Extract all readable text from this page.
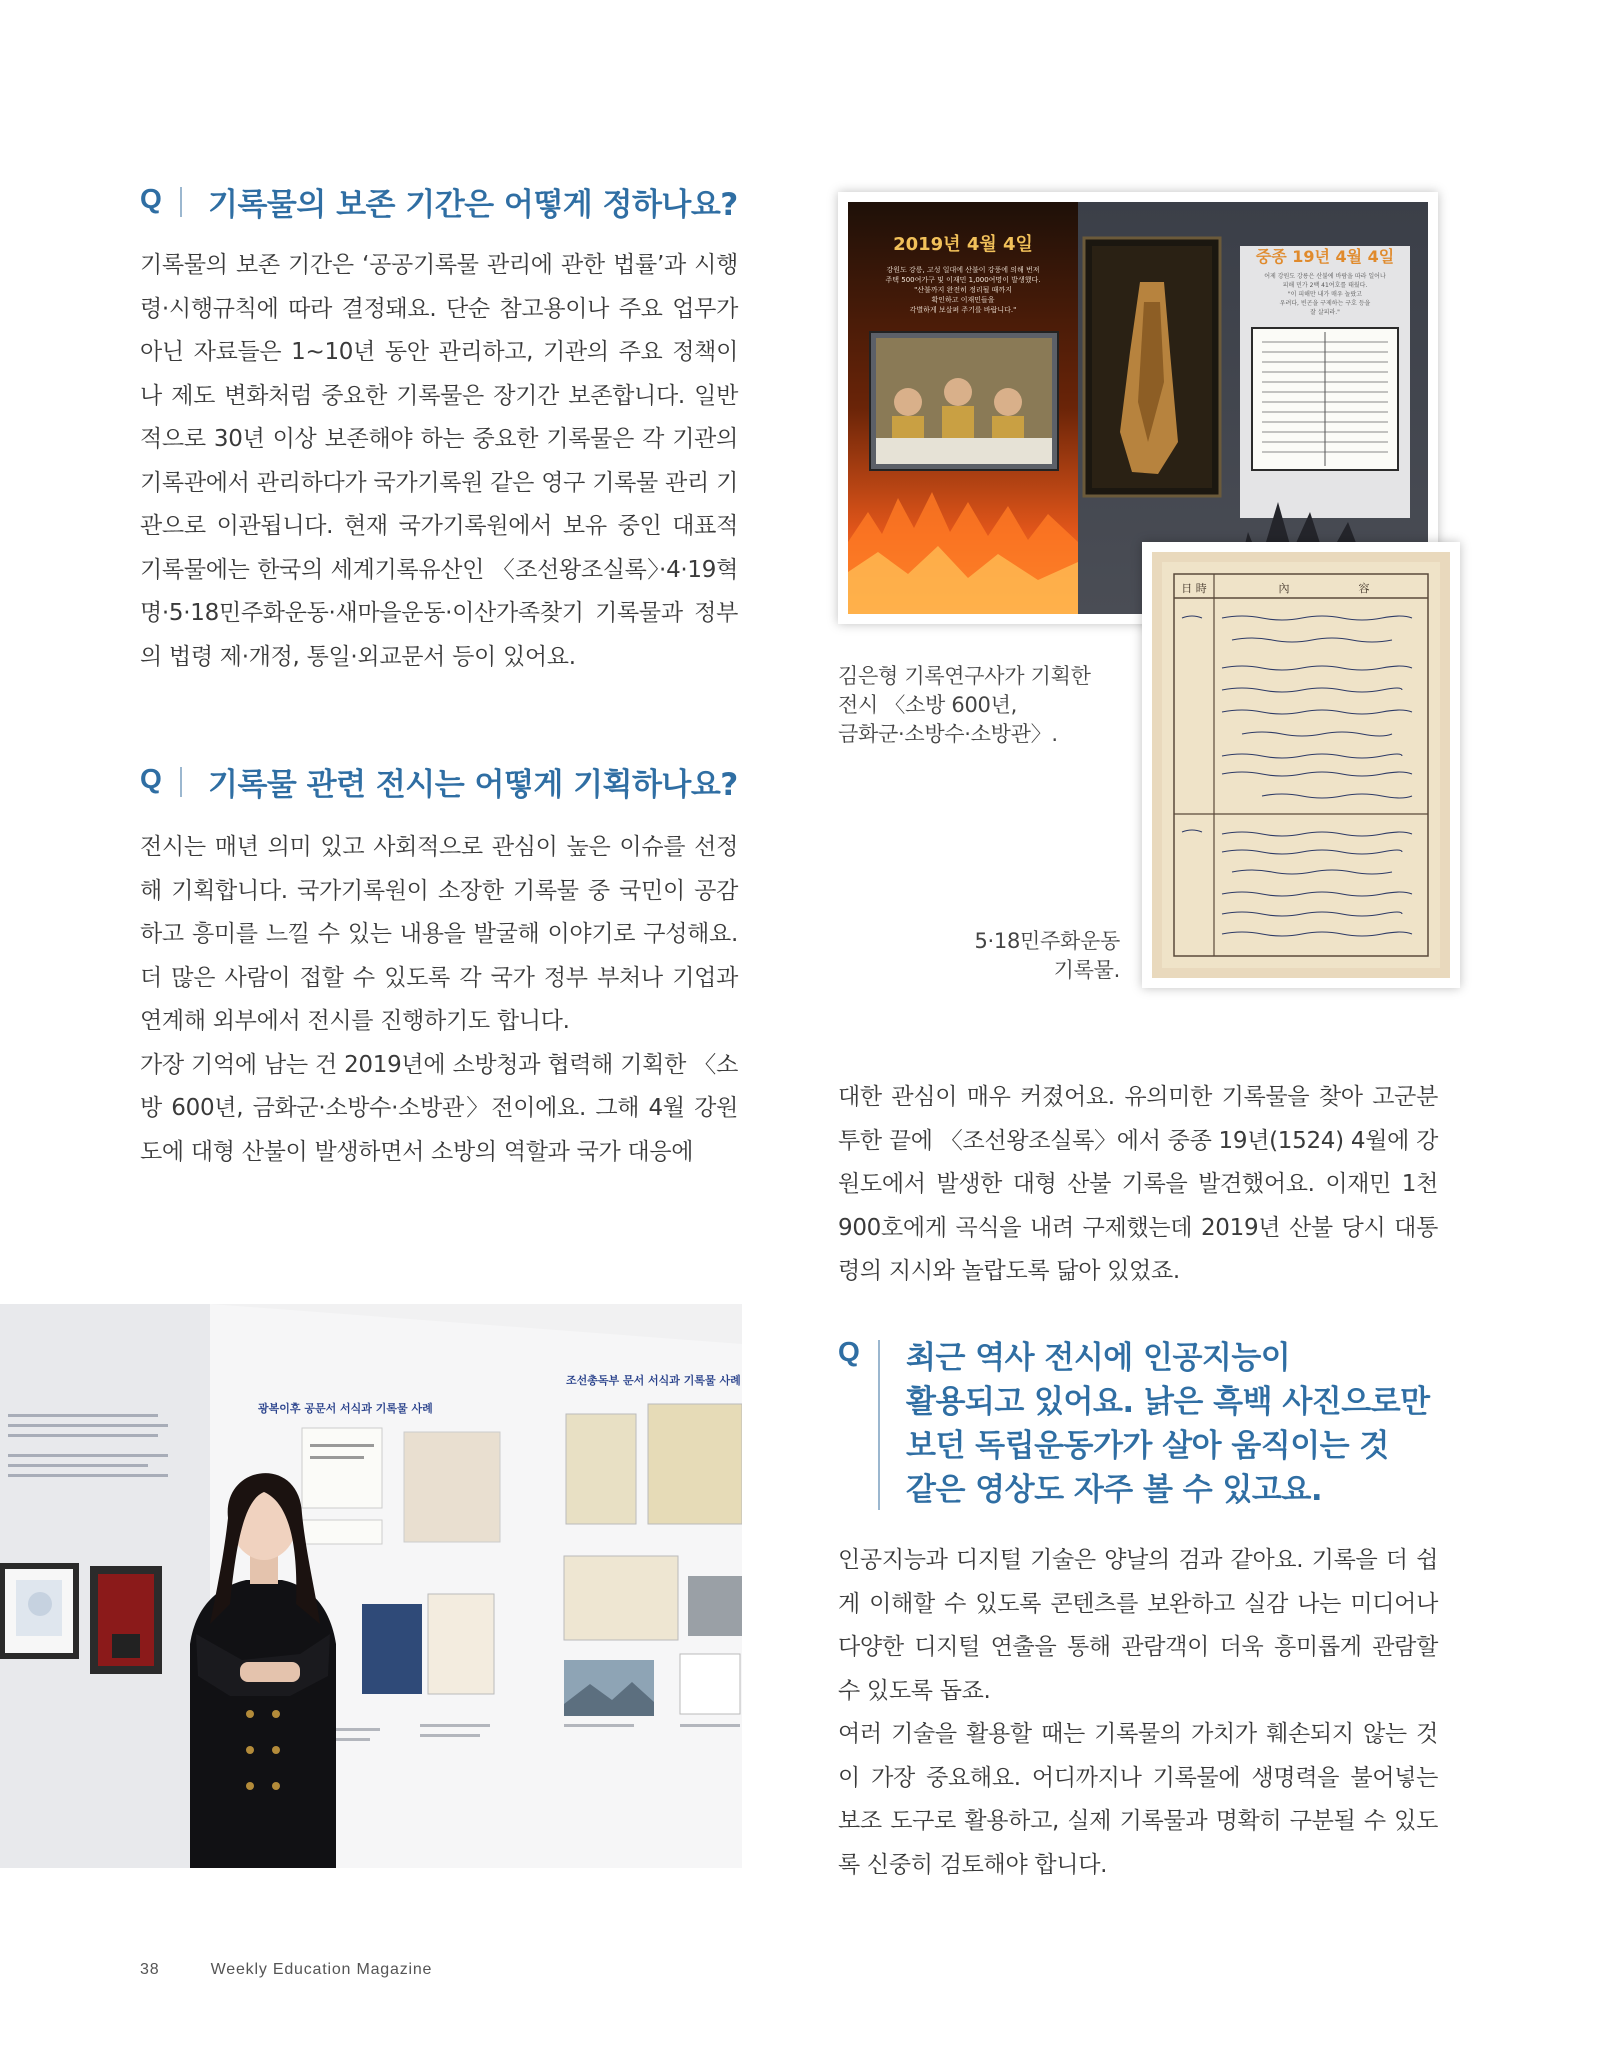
Q	기록물의 보존 기간은 어떻게 정하나요?

기록물의 보존 기간은 ‘공공기록물 관리에 관한 법률’과 시행령·시행규칙에 따라 결정돼요. 단순 참고용이나 주요 업무가 아닌 자료들은 1~10년 동안 관리하고, 기관의 주요 정책이나 제도 변화처럼 중요한 기록물은 장기간 보존합니다. 일반적으로 30년 이상 보존해야 하는 중요한 기록물은 각 기관의 기록관에서 관리하다가 국가기록원 같은 영구 기록물 관리 기관으로 이관됩니다. 현재 국가기록원에서 보유 중인 대표적 기록물에는 한국의 세계기록유산인 〈조선왕조실록〉·4·19혁명·5·18민주화운동·새마을운동·이산가족찾기 기록물과 정부의 법령 제·개정, 통일·외교문서 등이 있어요.

Q	기록물 관련 전시는 어떻게 기획하나요?

전시는 매년 의미 있고 사회적으로 관심이 높은 이슈를 선정해 기획합니다. 국가기록원이 소장한 기록물 중 국민이 공감하고 흥미를 느낄 수 있는 내용을 발굴해 이야기로 구성해요. 더 많은 사람이 접할 수 있도록 각 국가 정부 부처나 기업과 연계해 외부에서 전시를 진행하기도 합니다.

가장 기억에 남는 건 2019년에 소방청과 협력해 기획한 〈소방 600년, 금화군·소방수·소방관〉전이에요. 그해 4월 강원도에 대형 산불이 발생하면서 소방의 역할과 국가 대응에

2019년 4월 4일
강원도 강릉, 고성 일대에 산불이 강풍에 의해 번져
주택 500여가구 및 이재민 1,000여명이 발생했다.
"산불까지 완전히 정리될 때까지
확인하고 이재민들을
각별하게 보살펴 주기를 바랍니다."
중종 19년 4월 4일
어제 강원도 강릉은 산불에 바람을 따라 일어나
피해 민가 2백 41여호를 태웠다.
"이 피해만 내가 매우 놀랐고
우려다, 빈곤을 구제하는 구호 등을
잘 살피라."
日 時	內	容
김은형 기록연구사가 기획한
전시 〈소방 600년,
금화군·소방수·소방관〉.
5·18민주화운동
기록물.

대한 관심이 매우 커졌어요. 유의미한 기록물을 찾아 고군분투한 끝에 〈조선왕조실록〉에서 중종 19년(1524) 4월에 강원도에서 발생한 대형 산불 기록을 발견했어요. 이재민 1천900호에게 곡식을 내려 구제했는데 2019년 산불 당시 대통령의 지시와 놀랍도록 닮아 있었죠.

Q	최근 역사 전시에 인공지능이
활용되고 있어요. 낡은 흑백 사진으로만
보던 독립운동가가 살아 움직이는 것
같은 영상도 자주 볼 수 있고요.

인공지능과 디지털 기술은 양날의 검과 같아요. 기록을 더 쉽게 이해할 수 있도록 콘텐츠를 보완하고 실감 나는 미디어나 다양한 디지털 연출을 통해 관람객이 더욱 흥미롭게 관람할 수 있도록 돕죠.

여러 기술을 활용할 때는 기록물의 가치가 훼손되지 않는 것이 가장 중요해요. 어디까지나 기록물에 생명력을 불어넣는 보조 도구로 활용하고, 실제 기록물과 명확히 구분될 수 있도록 신중히 검토해야 합니다.

광복이후 공문서 서식과 기록물 사례
조선총독부 문서 서식과 기록물 사례
38	Weekly Education Magazine
